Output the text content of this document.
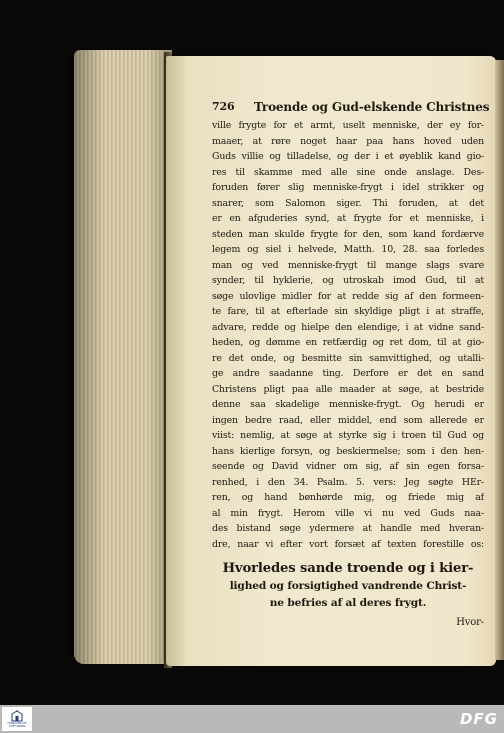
726 Troende og Gud-elskende Christnes
ville frygte for et armt, uselt menniske, der ey for-
maaer, at røre noget haar paa hans hoved uden
Guds villie og tilladelse, og der i et øyeblik kand gio-
res til skamme med alle sine onde anslage. Des-
foruden fører slig menniske-frygt i idel strikker og
snarer, som Salomon siger. Thi foruden, at det
er en afguderies synd, at frygte for et menniske, i
steden man skulde frygte for den, som kand fordærve
legem og siel i helvede, Matth. 10, 28. saa forledes
man og ved menniske-frygt til mange slags svare
synder, til hyklerie, og utroskab imod Gud, til at
søge ulovlige midler for at redde sig af den formeen-
te fare, til at efterlade sin skyldige pligt i at straffe,
advare, redde og hielpe den elendige, i at vidne sand-
heden, og dømme en retfærdig og ret dom, til at gio-
re det onde, og besmitte sin samvittighed, og utalli-
ge andre saadanne ting. Derfore er det en sand
Christens pligt paa alle maader at søge, at bestride
denne saa skadelige menniske-frygt. Og herudi er
ingen bedre raad, eller middel, end som allerede er
viist: nemlig, at søge at styrke sig i troen til Gud og
hans kierlige forsyn, og beskiermelse; som i den hen-
seende og David vidner om sig, af sin egen forsa-
renhed, i den 34. Psalm. 5. vers: Jeg søgte HEr-
ren, og hand bønhørde mig, og friede mig af
al min frygt. Herom ville vi nu ved Guds naa-
des bistand søge ydermere at handle med hveran-
dre, naar vi efter vort forsæt af texten forestille os:
Hvorledes sande troende og i kier-
lighed og forsigtighed vandrende Christ-
ne befries af al deres frygt.
Hvor-
FRANCKESCHE
STIFTUNGEN	DFG
